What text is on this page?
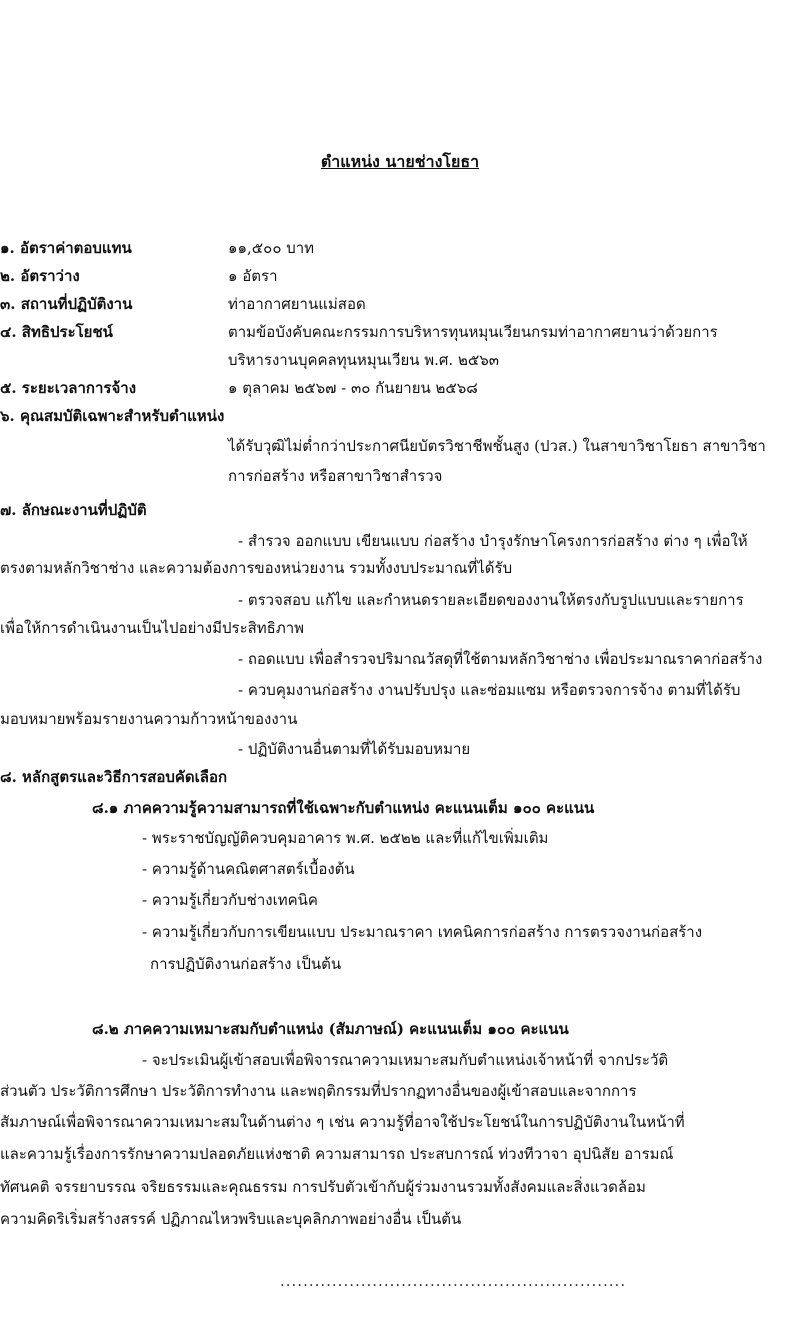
ตำแหน่ง นายช่างโยธา
๑. อัตราค่าตอบแทน	๑๑,๕๐๐ บาท
๒. อัตราว่าง	๑ อัตรา
๓. สถานที่ปฏิบัติงาน	ท่าอากาศยานแม่สอด
๔. สิทธิประโยชน์	ตามข้อบังคับคณะกรรมการบริหารทุนหมุนเวียนกรมท่าอากาศยานว่าด้วยการ
บริหารงานบุคคลทุนหมุนเวียน พ.ศ. ๒๕๖๓
๕. ระยะเวลาการจ้าง	๑ ตุลาคม ๒๕๖๗ - ๓๐ กันยายน ๒๕๖๘
๖. คุณสมบัติเฉพาะสำหรับตำแหน่ง
ได้รับวุฒิไม่ต่ำกว่าประกาศนียบัตรวิชาชีพชั้นสูง (ปวส.) ในสาขาวิชาโยธา สาขาวิชา
การก่อสร้าง หรือสาขาวิชาสำรวจ
๗. ลักษณะงานที่ปฏิบัติ
- สำรวจ ออกแบบ เขียนแบบ ก่อสร้าง บำรุงรักษาโครงการก่อสร้าง ต่าง ๆ เพื่อให้
ตรงตามหลักวิชาช่าง และความต้องการของหน่วยงาน รวมทั้งงบประมาณที่ได้รับ
- ตรวจสอบ แก้ไข และกำหนดรายละเอียดของงานให้ตรงกับรูปแบบและรายการ
เพื่อให้การดำเนินงานเป็นไปอย่างมีประสิทธิภาพ
- ถอดแบบ เพื่อสำรวจปริมาณวัสดุที่ใช้ตามหลักวิชาช่าง เพื่อประมาณราคาก่อสร้าง
- ควบคุมงานก่อสร้าง งานปรับปรุง และซ่อมแซม หรือตรวจการจ้าง ตามที่ได้รับ
มอบหมายพร้อมรายงานความก้าวหน้าของงาน
- ปฏิบัติงานอื่นตามที่ได้รับมอบหมาย
๘. หลักสูตรและวิธีการสอบคัดเลือก
๘.๑ ภาคความรู้ความสามารถที่ใช้เฉพาะกับตำแหน่ง คะแนนเต็ม ๑๐๐ คะแนน
- พระราชบัญญัติควบคุมอาคาร พ.ศ. ๒๕๒๒ และที่แก้ไขเพิ่มเติม
- ความรู้ด้านคณิตศาสตร์เบื้องต้น
- ความรู้เกี่ยวกับช่างเทคนิค
- ความรู้เกี่ยวกับการเขียนแบบ ประมาณราคา เทคนิคการก่อสร้าง การตรวจงานก่อสร้าง
การปฏิบัติงานก่อสร้าง เป็นต้น
๘.๒ ภาคความเหมาะสมกับตำแหน่ง (สัมภาษณ์) คะแนนเต็ม ๑๐๐ คะแนน
- จะประเมินผู้เข้าสอบเพื่อพิจารณาความเหมาะสมกับตำแหน่งเจ้าหน้าที่ จากประวัติ
ส่วนตัว ประวัติการศึกษา ประวัติการทำงาน และพฤติกรรมที่ปรากฏทางอื่นของผู้เข้าสอบและจากการ
สัมภาษณ์เพื่อพิจารณาความเหมาะสมในด้านต่าง ๆ เช่น ความรู้ที่อาจใช้ประโยชน์ในการปฏิบัติงานในหน้าที่
และความรู้เรื่องการรักษาความปลอดภัยแห่งชาติ ความสามารถ ประสบการณ์ ท่วงทีวาจา อุปนิสัย อารมณ์
ทัศนคติ จรรยาบรรณ จริยธรรมและคุณธรรม การปรับตัวเข้ากับผู้ร่วมงานรวมทั้งสังคมและสิ่งแวดล้อม
ความคิดริเริ่มสร้างสรรค์ ปฏิภาณไหวพริบและบุคลิกภาพอย่างอื่น เป็นต้น
............................................................
